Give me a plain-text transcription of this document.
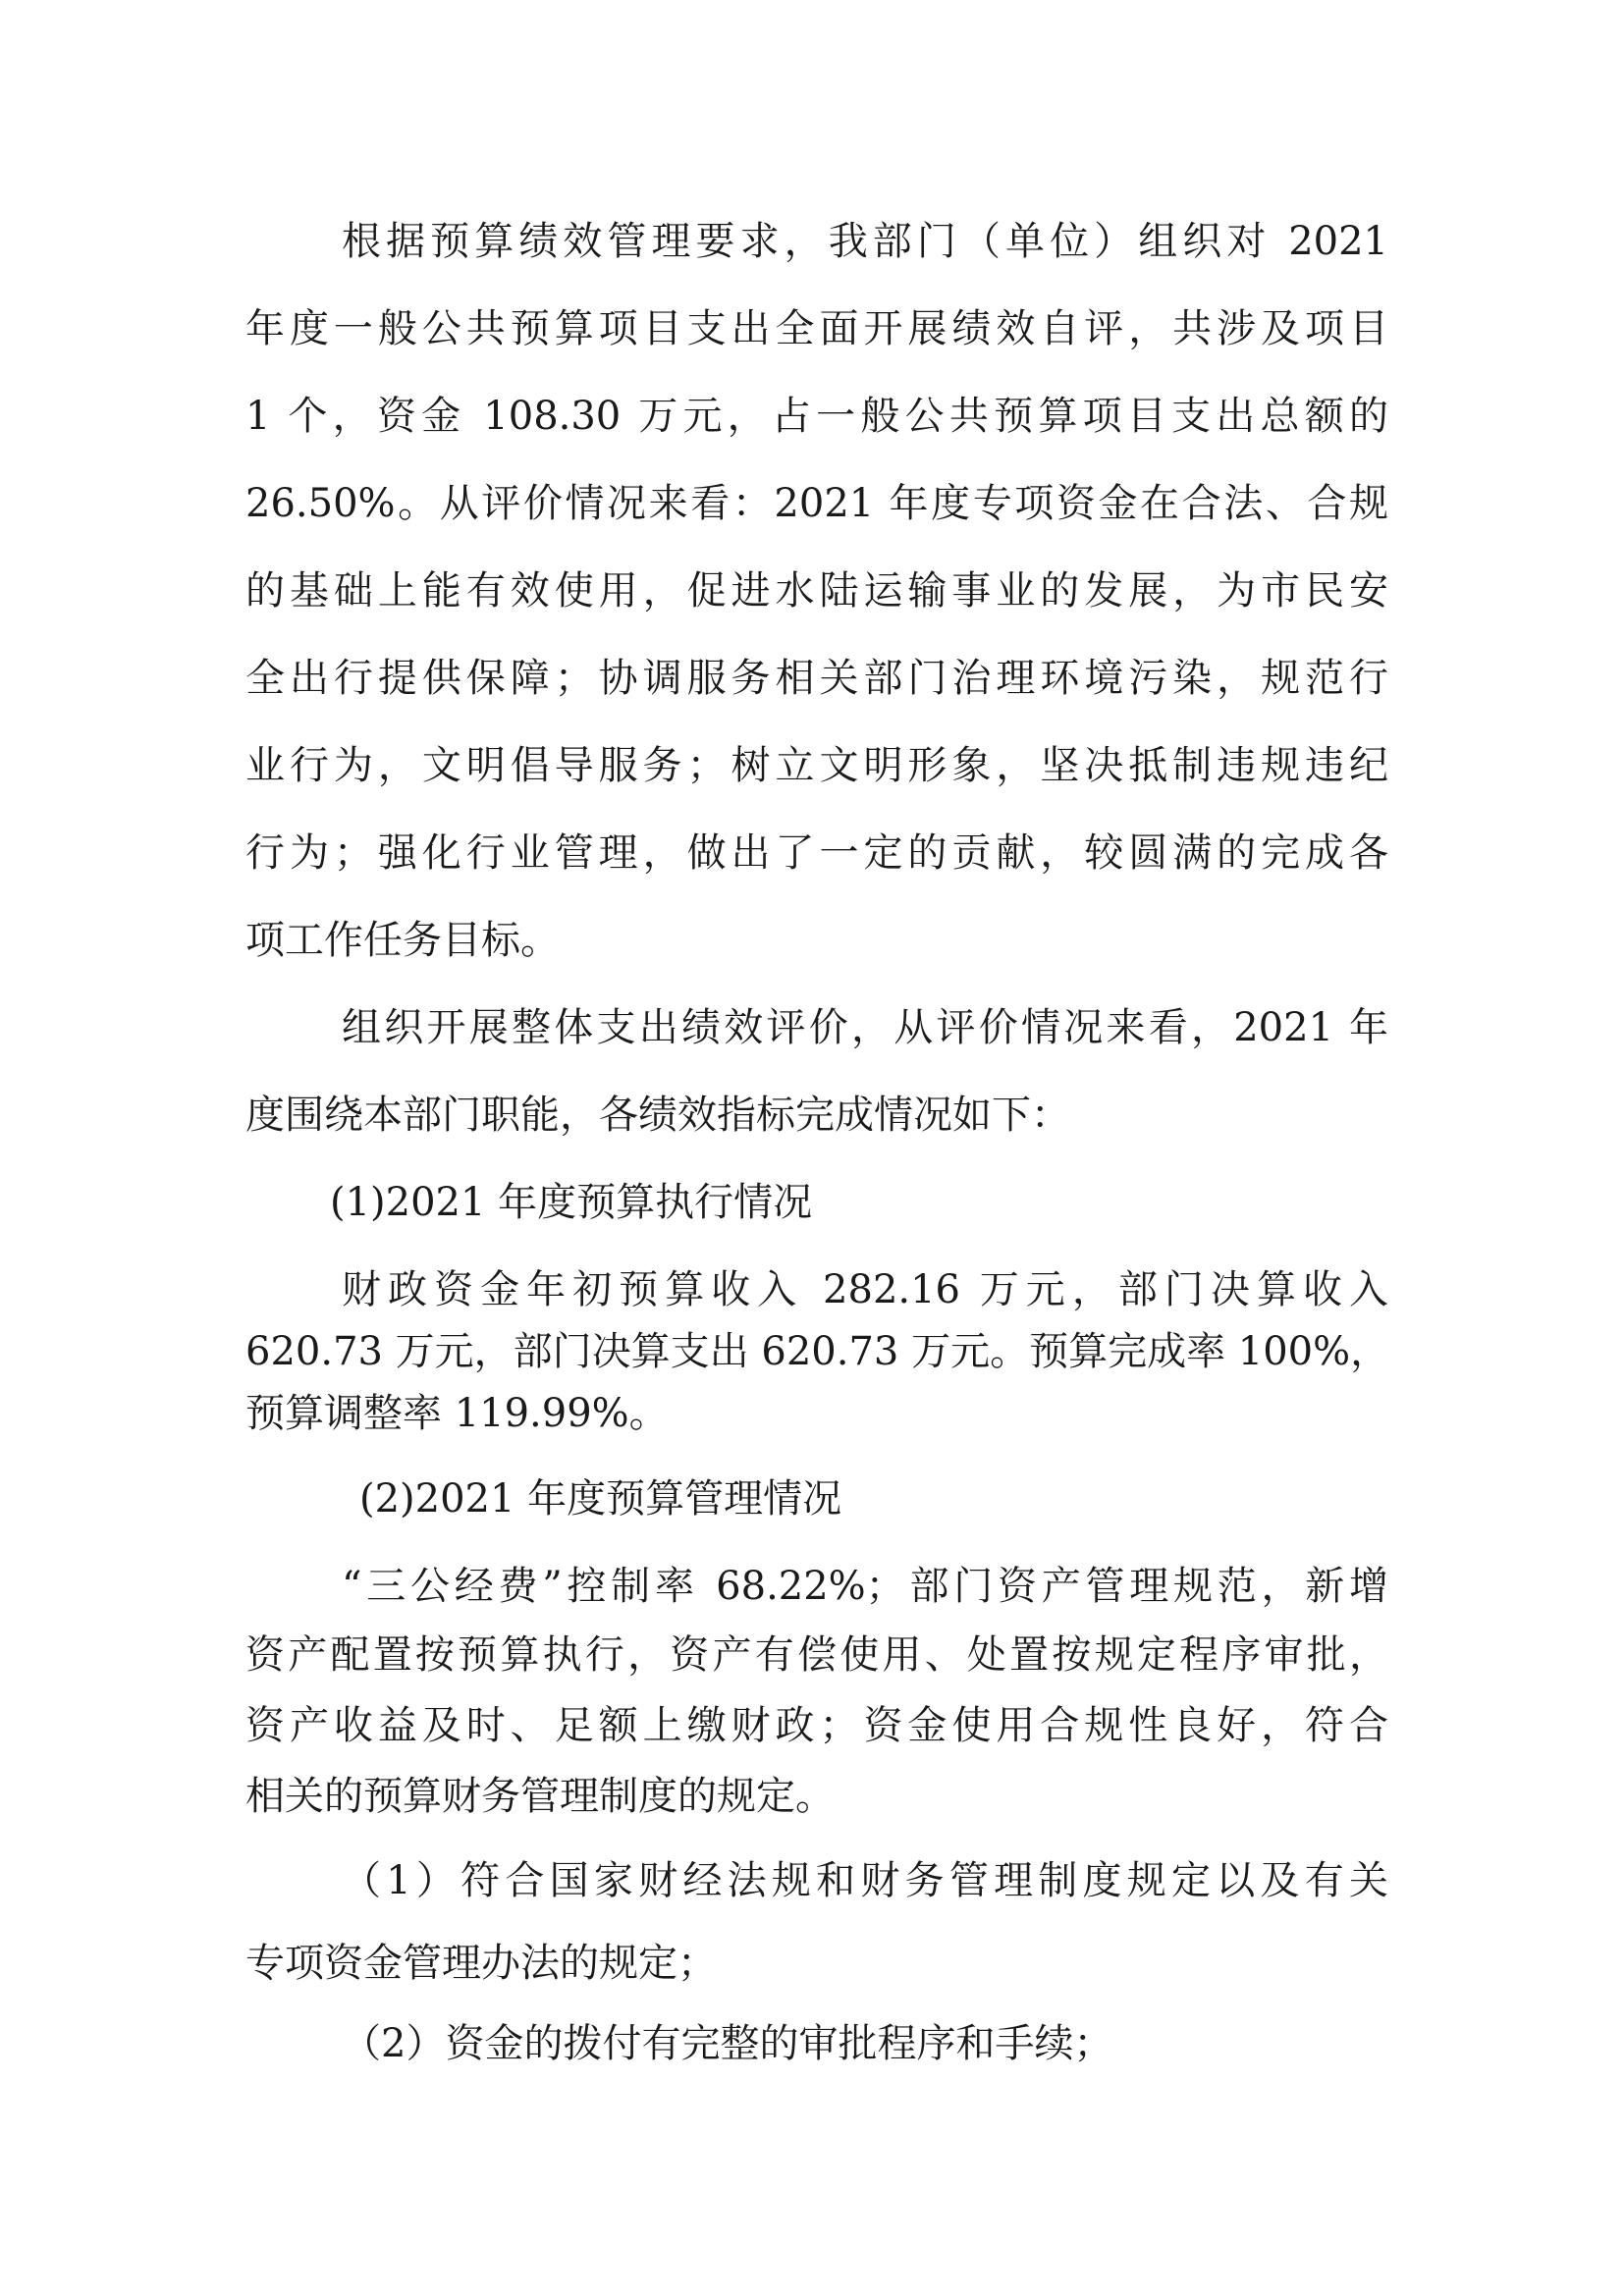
根据预算绩效管理要求，我部门（单位）组织对 2021
年度一般公共预算项目支出全面开展绩效自评，共涉及项目
1 个，资金 108.30 万元，占一般公共预算项目支出总额的
26.50%。从评价情况来看：2021 年度专项资金在合法、合规
的基础上能有效使用，促进水陆运输事业的发展，为市民安
全出行提供保障；协调服务相关部门治理环境污染，规范行
业行为，文明倡导服务；树立文明形象，坚决抵制违规违纪
行为；强化行业管理，做出了一定的贡献，较圆满的完成各
项工作任务目标。
组织开展整体支出绩效评价，从评价情况来看，2021 年
度围绕本部门职能，各绩效指标完成情况如下：
(1)2021 年度预算执行情况
财政资金年初预算收入 282.16 万元，部门决算收入
620.73 万元，部门决算支出 620.73 万元。预算完成率 100%，
预算调整率 119.99%。
(2)2021 年度预算管理情况
“三公经费”控制率 68.22%；部门资产管理规范，新增
资产配置按预算执行，资产有偿使用、处置按规定程序审批，
资产收益及时、足额上缴财政；资金使用合规性良好，符合
相关的预算财务管理制度的规定。
（1）符合国家财经法规和财务管理制度规定以及有关
专项资金管理办法的规定；
（2）资金的拨付有完整的审批程序和手续；
